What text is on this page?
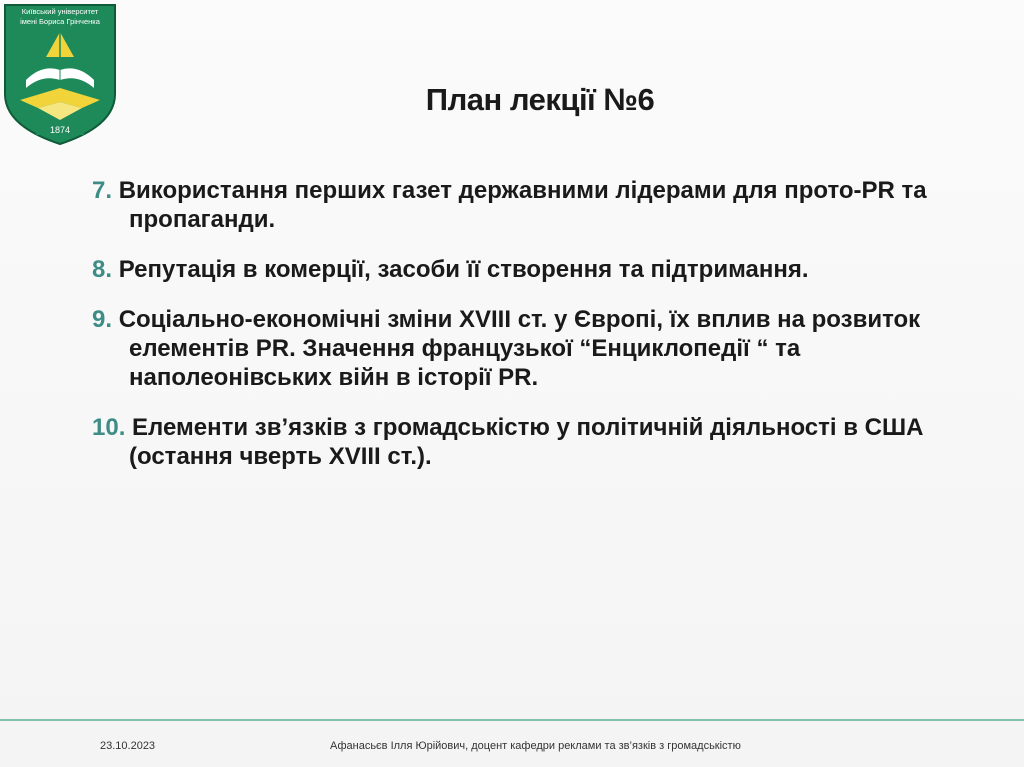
Київський університет
імені Бориса Грінченка
1874
План лекції №6
7. Використання перших газет державними лідерами для прото-PR та пропаганди.
8. Репутація в комерції, засоби її створення та підтримання.
9. Соціально-економічні зміни XVIII ст. у Європі, їх вплив на розвиток елементів PR. Значення французької “Енциклопедії “ та наполеонівських війн в історії PR.
10. Елементи зв’язків з громадськістю у політичній діяльності в США (остання чверть XVIII ст.).
23.10.2023	Афанасьєв Ілля Юрійович, доцент кафедри реклами та зв’язків з громадськістю
